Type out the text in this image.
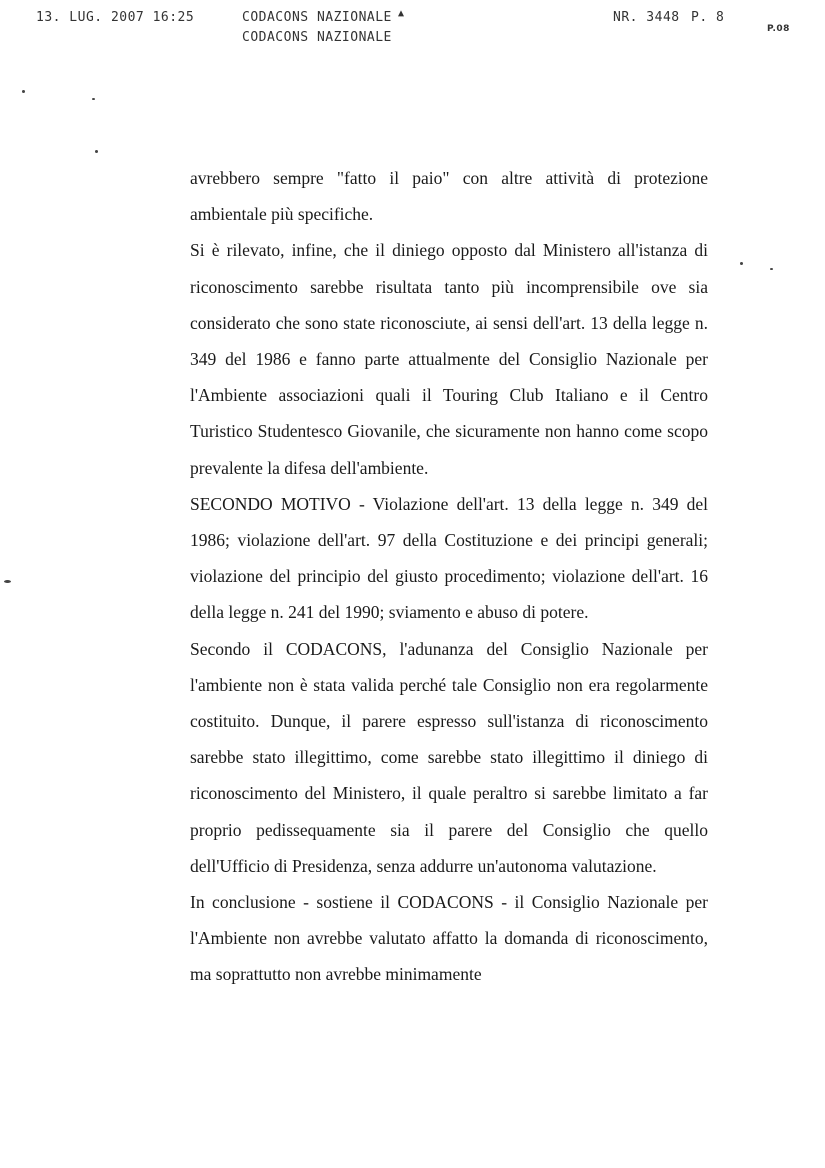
13. LUG. 2007 16:25	▲
CODACONS NAZIONALE
CODACONS NAZIONALE
NR. 3448 P. 8
P.08

avrebbero sempre "fatto il paio" con altre attività di protezione ambientale più specifiche.

Si è rilevato, infine, che il diniego opposto dal Ministero all'istanza di riconoscimento sarebbe risultata tanto più incomprensibile ove sia considerato che sono state riconosciute, ai sensi dell'art. 13 della legge n. 349 del 1986 e fanno parte attualmente del Consiglio Nazionale per l'Ambiente associazioni quali il Touring Club Italiano e il Centro Turistico Studentesco Giovanile, che sicuramente non hanno come scopo prevalente la difesa dell'ambiente.

SECONDO MOTIVO - Violazione dell'art. 13 della legge n. 349 del 1986; violazione dell'art. 97 della Costituzione e dei principi generali; violazione del principio del giusto procedimento; violazione dell'art. 16 della legge n. 241 del 1990; sviamento e abuso di potere.

Secondo il CODACONS, l'adunanza del Consiglio Nazionale per l'ambiente non è stata valida perché tale Consiglio non era regolarmente costituito. Dunque, il parere espresso sull'istanza di riconoscimento sarebbe stato illegittimo, come sarebbe stato illegittimo il diniego di riconoscimento del Ministero, il quale peraltro si sarebbe limitato a far proprio pedissequamente sia il parere del Consiglio che quello dell'Ufficio di Presidenza, senza addurre un'autonoma valutazione.

In conclusione - sostiene il CODACONS - il Consiglio Nazionale per l'Ambiente non avrebbe valutato affatto la domanda di riconoscimento, ma soprattutto non avrebbe minimamente
